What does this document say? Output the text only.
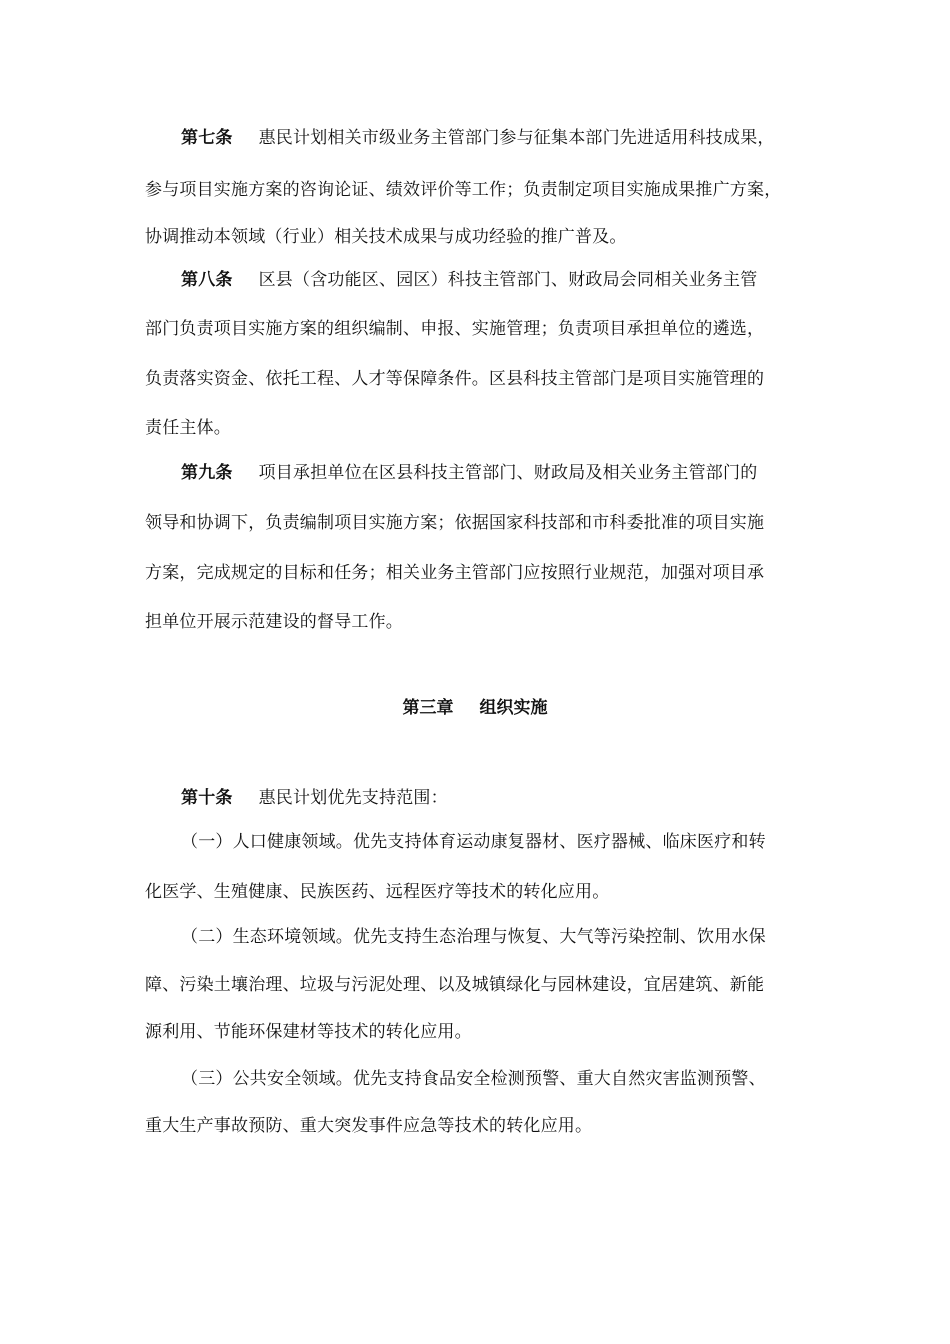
第七条 惠民计划相关市级业务主管部门参与征集本部门先进适用科技成果，
参与项目实施方案的咨询论证、绩效评价等工作；负责制定项目实施成果推广方案，
协调推动本领域（行业）相关技术成果与成功经验的推广普及。
第八条 区县（含功能区、园区）科技主管部门、财政局会同相关业务主管
部门负责项目实施方案的组织编制、申报、实施管理；负责项目承担单位的遴选，
负责落实资金、依托工程、人才等保障条件。区县科技主管部门是项目实施管理的
责任主体。
第九条 项目承担单位在区县科技主管部门、财政局及相关业务主管部门的
领导和协调下，负责编制项目实施方案；依据国家科技部和市科委批准的项目实施
方案，完成规定的目标和任务；相关业务主管部门应按照行业规范，加强对项目承
担单位开展示范建设的督导工作。
第三章 组织实施
第十条 惠民计划优先支持范围：
（一）人口健康领域。优先支持体育运动康复器材、医疗器械、临床医疗和转
化医学、生殖健康、民族医药、远程医疗等技术的转化应用。
（二）生态环境领域。优先支持生态治理与恢复、大气等污染控制、饮用水保
障、污染土壤治理、垃圾与污泥处理、以及城镇绿化与园林建设，宜居建筑、新能
源利用、节能环保建材等技术的转化应用。
（三）公共安全领域。优先支持食品安全检测预警、重大自然灾害监测预警、
重大生产事故预防、重大突发事件应急等技术的转化应用。
